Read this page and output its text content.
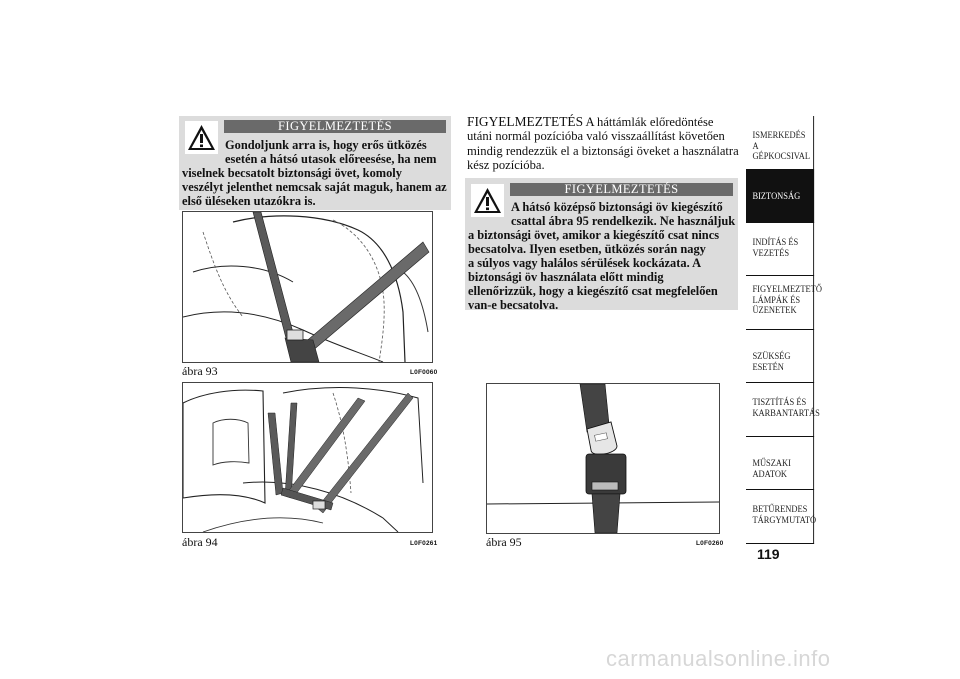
FIGYELMEZTETÉS

Gondoljunk arra is, hogy erős ütközés

esetén a hátsó utasok előreesése, ha nem

viselnek becsatolt biztonsági övet, komoly

veszélyt jelenthet nemcsak saját maguk, hanem az

első üléseken utazókra is.

ábra 93	L0F0060
ábra 94	L0F0261
FIGYELMEZTETÉS A háttámlák előredöntése
utáni normál pozícióba való visszaállítást követően
mindig rendezzük el a biztonsági öveket a használatra
kész pozícióba.
FIGYELMEZTETÉS

A hátsó középső biztonsági öv kiegészítő

csattal ábra 95 rendelkezik. Ne használjuk

a biztonsági övet, amikor a kiegészítő csat nincs

becsatolva. Ilyen esetben, ütközés során nagy

a súlyos vagy halálos sérülések kockázata. A

biztonsági öv használata előtt mindig

ellenőrizzük, hogy a kiegészítő csat megfelelően

van-e becsatolva.

ábra 95	L0F0260
ISMERKEDÉS A
GÉPKOCSIVAL
BIZTONSÁG
INDÍTÁS ÉS
VEZETÉS
FIGYELMEZTETŐ
LÁMPÁK ÉS
ÜZENETEK
SZÜKSÉG ESETÉN
TISZTÍTÁS ÉS
KARBANTARTÁS
MŰSZAKI ADATOK
BETŰRENDES
TÁRGYMUTATÓ
119
carmanualsonline.info
